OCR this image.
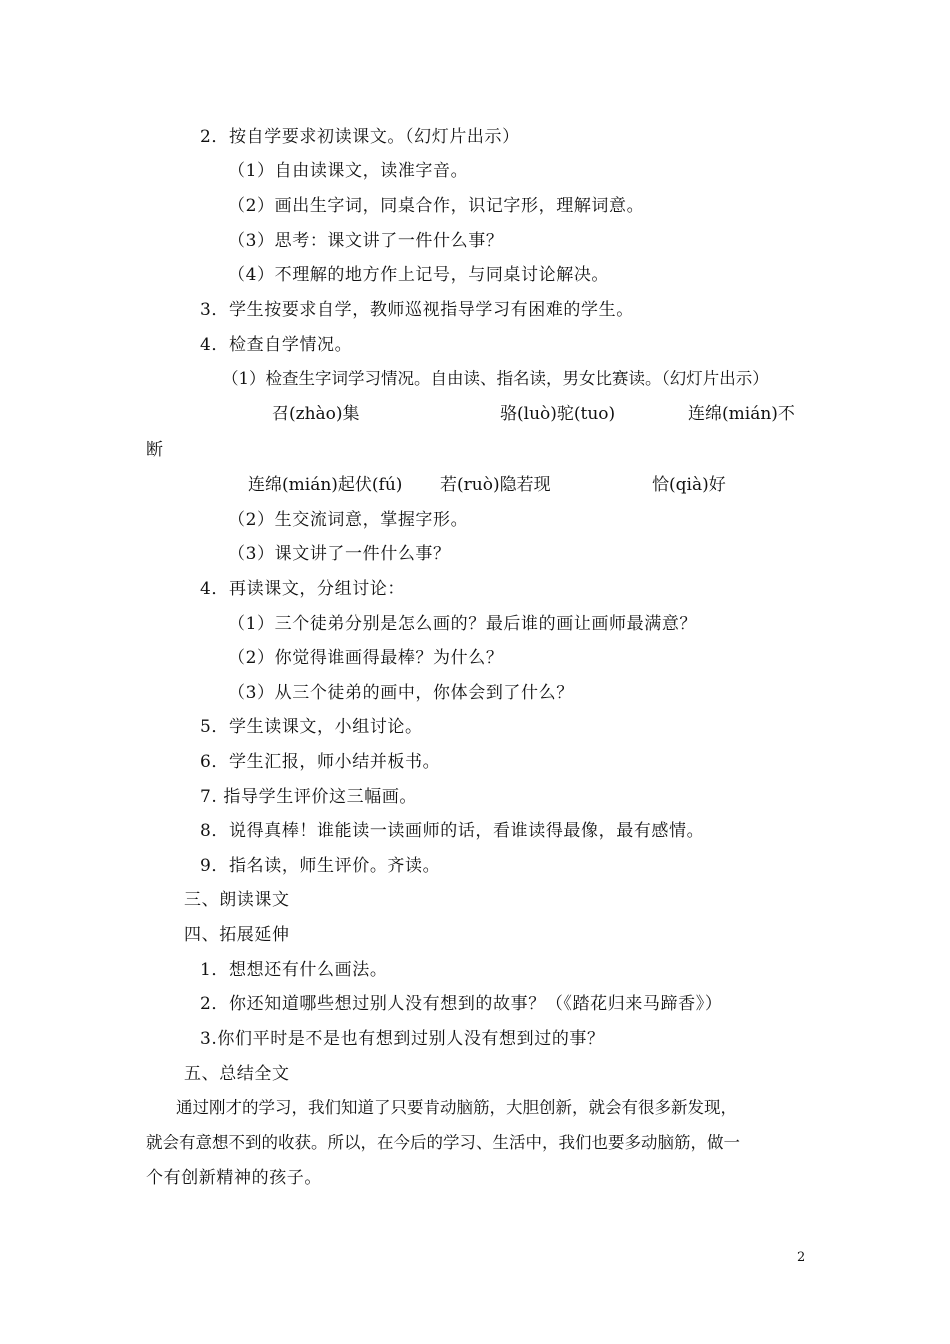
2．按自学要求初读课文。（幻灯片出示）
（1）自由读课文，读准字音。
（2）画出生字词，同桌合作，识记字形，理解词意。
（3）思考：课文讲了一件什么事？
（4）不理解的地方作上记号，与同桌讨论解决。
3．学生按要求自学，教师巡视指导学习有困难的学生。
4．检查自学情况。
（1）检查生字词学习情况。自由读、指名读，男女比赛读。（幻灯片出示）
召(zhào)集	骆(luò)驼(tuo)	连绵(mián)不
断
连绵(mián)起伏(fú) 若(ruò)隐若现	恰(qià)好
（2）生交流词意，掌握字形。
（3）课文讲了一件什么事？
4．再读课文，分组讨论：
（1）三个徒弟分别是怎么画的？最后谁的画让画师最满意？
（2）你觉得谁画得最棒？为什么？
（3）从三个徒弟的画中，你体会到了什么？
5．学生读课文，小组讨论。
6．学生汇报，师小结并板书。
7. 指导学生评价这三幅画。
8．说得真棒！谁能读一读画师的话，看谁读得最像，最有感情。
9．指名读，师生评价。齐读。
三、朗读课文
四、拓展延伸
1．想想还有什么画法。
2．你还知道哪些想过别人没有想到的故事？（《踏花归来马蹄香》）
3.你们平时是不是也有想到过别人没有想到过的事？
五、总结全文
通过刚才的学习，我们知道了只要肯动脑筋，大胆创新，就会有很多新发现，
就会有意想不到的收获。所以，在今后的学习、生活中，我们也要多动脑筋，做一
个有创新精神的孩子。
2
